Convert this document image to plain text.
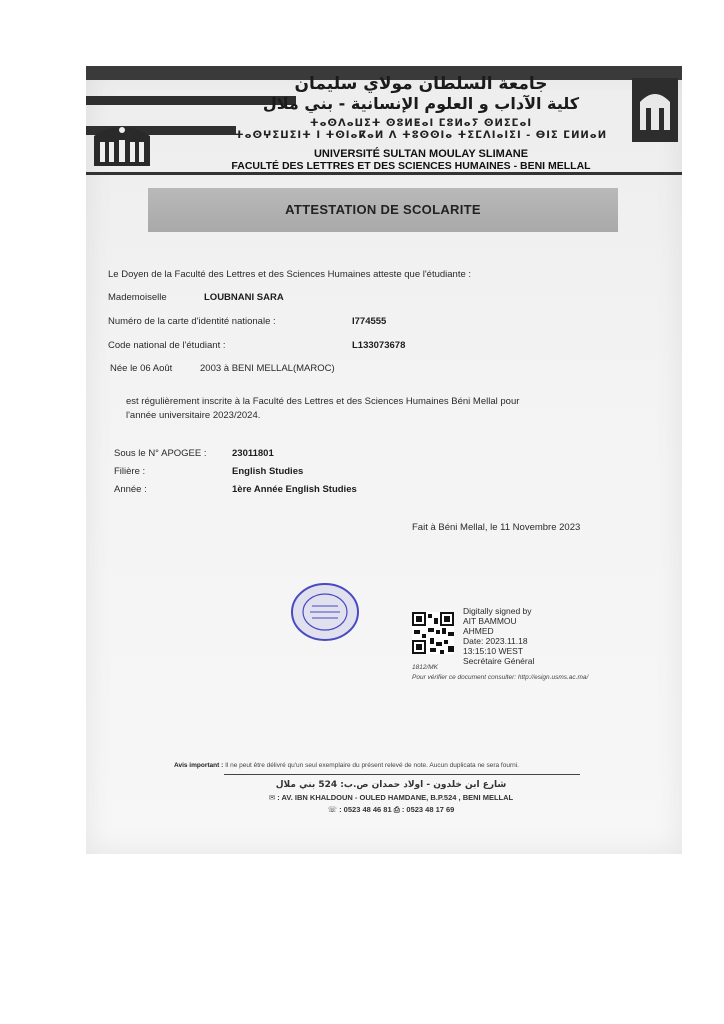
جامعة السلطان مولاي سليمان
كلية الآداب و العلوم الإنسانية - بني ملال
ⵜⴰⵙⴷⴰⵡⵉⵜ ⵙⵓⵍⵟⴰⵏ ⵎⵓⵍⴰⵢ ⵙⵍⵉⵎⴰⵏ
ⵜⴰⵙⵖⵉⵡⵉⵏⵜ ⵏ ⵜⵙⵏⴰⴽⴰⵍ ⴷ ⵜⵓⵙⵙⵏⴰ ⵜⵉⵎⴷⵏⴰⵏⵉⵏ - ⴱⵏⵉ ⵎⵍⵍⴰⵍ
UNIVERSITÉ SULTAN MOULAY SLIMANE
FACULTÉ DES LETTRES ET DES SCIENCES HUMAINES - BENI MELLAL
ATTESTATION DE SCOLARITE
Le Doyen de la Faculté des Lettres et des Sciences Humaines atteste que l'étudiante :
Mademoiselle	LOUBNANI SARA
Numéro de la carte d'identité nationale :	I774555
Code national de l'étudiant :	L133073678
Née le 06 Août	2003 à BENI MELLAL(MAROC)
est régulièrement inscrite à la Faculté des Lettres et des Sciences Humaines Béni Mellal pour
l'année universitaire 2023/2024.
Sous le N° APOGEE :	23011801
Filière :	English Studies
Année :	1ère Année English Studies
Fait à Béni Mellal, le 11 Novembre 2023
Digitally signed by
AIT BAMMOU
AHMED
Date: 2023.11.18
13:15:10 WEST
Secrétaire Général
1812/MK
Pour vérifier ce document consulter: http://esign.usms.ac.ma/
Avis important : Il ne peut être délivré qu'un seul exemplaire du présent relevé de note. Aucun duplicata ne sera fourni.
شارع ابن خلدون - اولاد حمدان ص.ب: 524 بني ملال
✉ : AV. IBN KHALDOUN - OULED HAMDANE, B.P.524 , BENI MELLAL
☏ : 0523 48 46 81 ⎙ : 0523 48 17 69
